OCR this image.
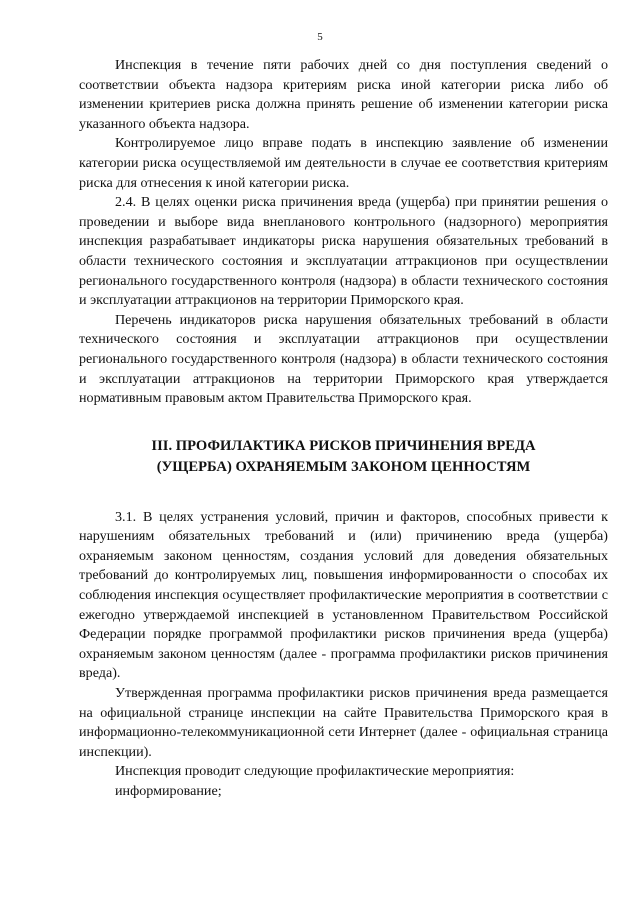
5

Инспекция в течение пяти рабочих дней со дня поступления сведений о соответствии объекта надзора критериям риска иной категории риска либо об изменении критериев риска должна принять решение об изменении категории риска указанного объекта надзора.

Контролируемое лицо вправе подать в инспекцию заявление об изменении категории риска осуществляемой им деятельности в случае ее соответствия критериям риска для отнесения к иной категории риска.

2.4. В целях оценки риска причинения вреда (ущерба) при принятии решения о проведении и выборе вида внепланового контрольного (надзорного) мероприятия инспекция разрабатывает индикаторы риска нарушения обязательных требований в области технического состояния и эксплуатации аттракционов при осуществлении регионального государственного контроля (надзора) в области технического состояния и эксплуатации аттракционов на территории Приморского края.

Перечень индикаторов риска нарушения обязательных требований в области технического состояния и эксплуатации аттракционов при осуществлении регионального государственного контроля (надзора) в области технического состояния и эксплуатации аттракционов на территории Приморского края утверждается нормативным правовым актом Правительства Приморского края.

III. ПРОФИЛАКТИКА РИСКОВ ПРИЧИНЕНИЯ ВРЕДА
(УЩЕРБА) ОХРАНЯЕМЫМ ЗАКОНОМ ЦЕННОСТЯМ

3.1. В целях устранения условий, причин и факторов, способных привести к нарушениям обязательных требований и (или) причинению вреда (ущерба) охраняемым законом ценностям, создания условий для доведения обязательных требований до контролируемых лиц, повышения информированности о способах их соблюдения инспекция осуществляет профилактические мероприятия в соответствии с ежегодно утверждаемой инспекцией в установленном Правительством Российской Федерации порядке программой профилактики рисков причинения вреда (ущерба) охраняемым законом ценностям (далее - программа профилактики рисков причинения вреда).

Утвержденная программа профилактики рисков причинения вреда размещается на официальной странице инспекции на сайте Правительства Приморского края в информационно-телекоммуникационной сети Интернет (далее - официальная страница инспекции).

Инспекция проводит следующие профилактические мероприятия:

информирование;
